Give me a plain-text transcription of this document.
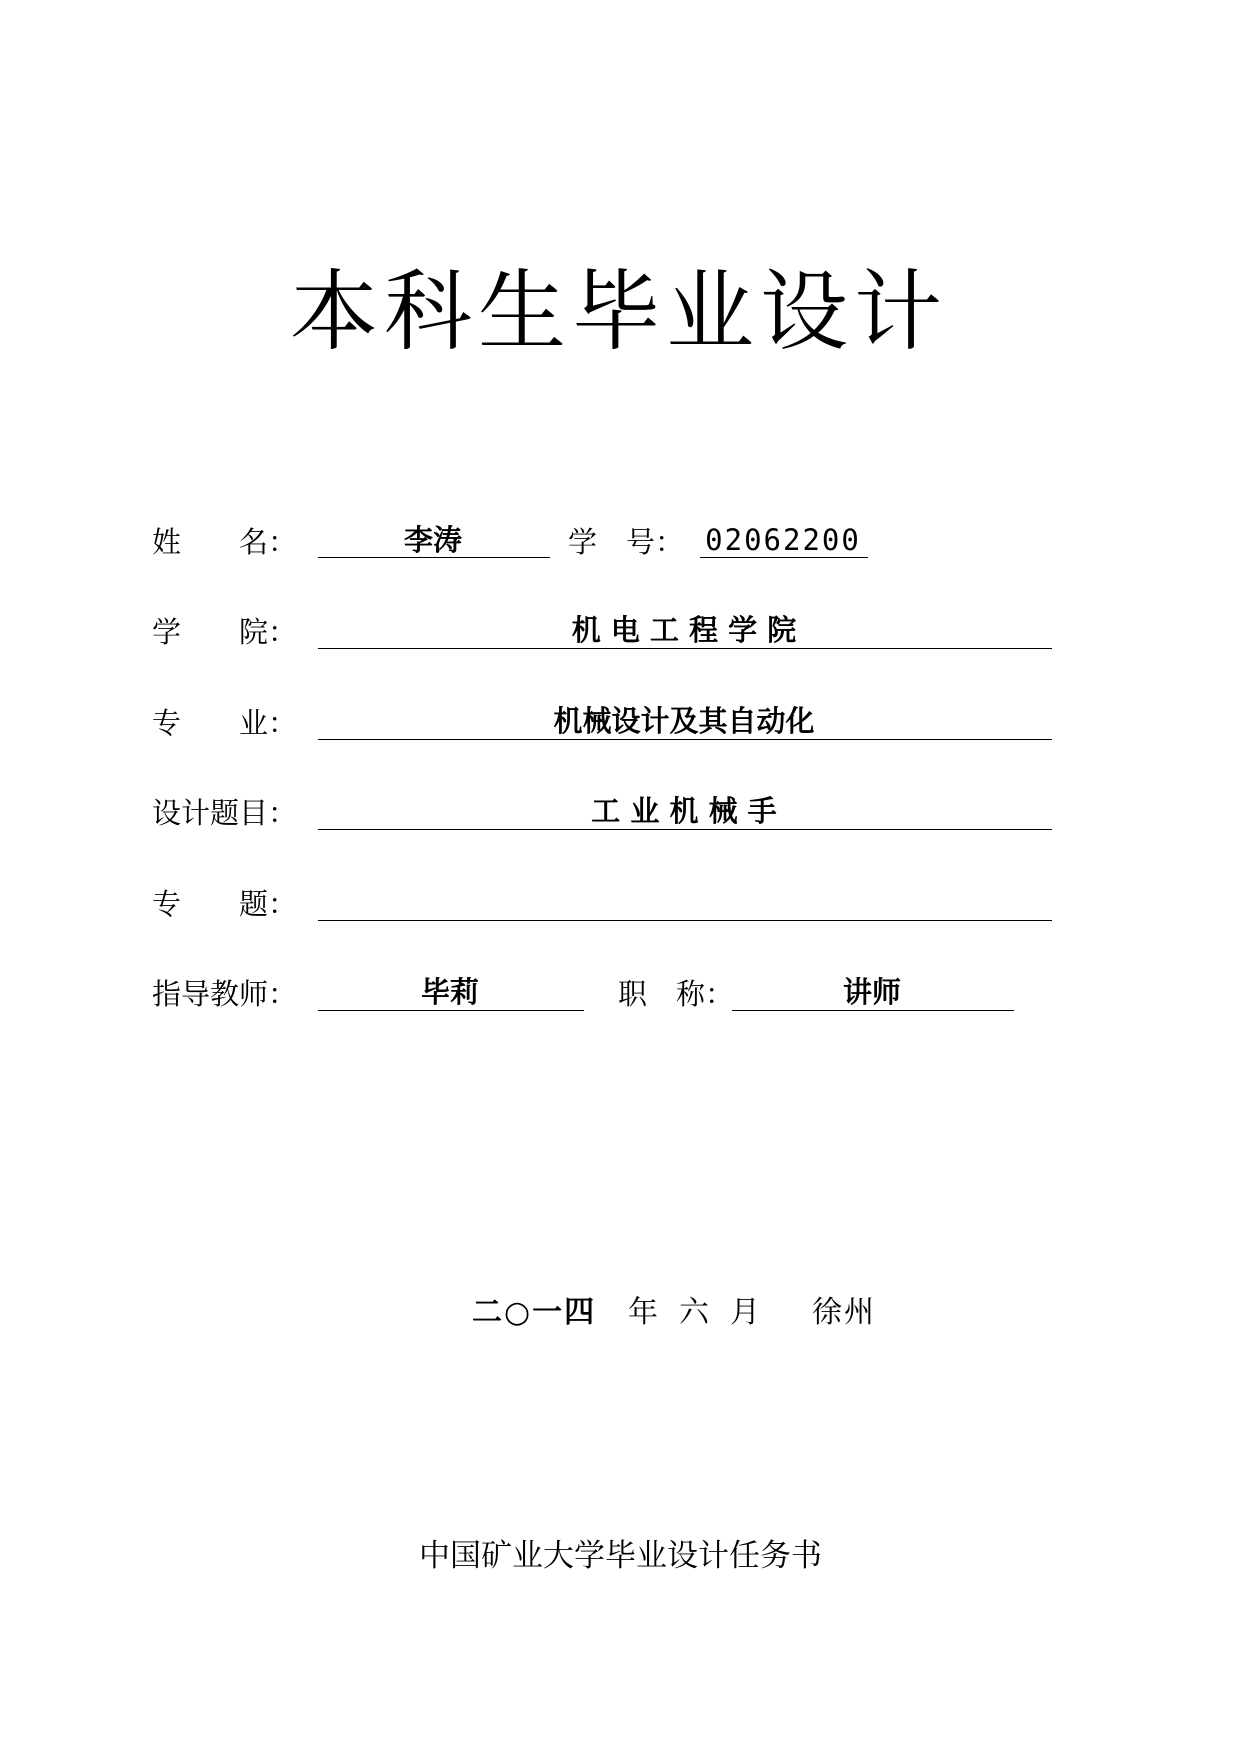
本科生毕业设计
姓　　名：	李涛	学　号： 02062200
学　　院：	机 电 工 程 学 院
专　　业：	机械设计及其自动化
设计题目：	工 业 机 械 手
专　　题：
指导教师：	毕莉	职　称：	讲师
二○一四 年 六 月 徐州
中国矿业大学毕业设计任务书
